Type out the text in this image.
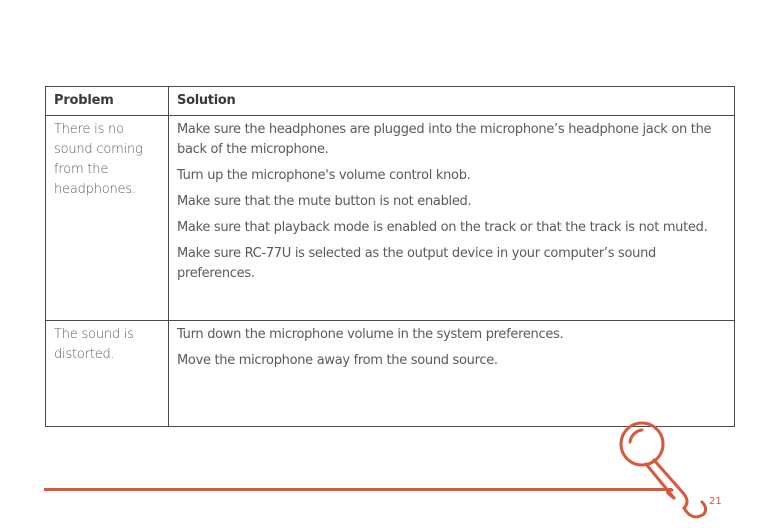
Problem	Solution
There is no sound coming from the headphones.

Make sure the headphones are plugged into the microphone’s headphone jack on the back of the microphone.

Turn up the microphone's volume control knob.

Make sure that the mute button is not enabled.

Make sure that playback mode is enabled on the track or that the track is not muted.

Make sure RC-77U is selected as the output device in your computer’s sound preferences.

The sound is distorted.

Turn down the microphone volume in the system preferences.

Move the microphone away from the sound source.

21
